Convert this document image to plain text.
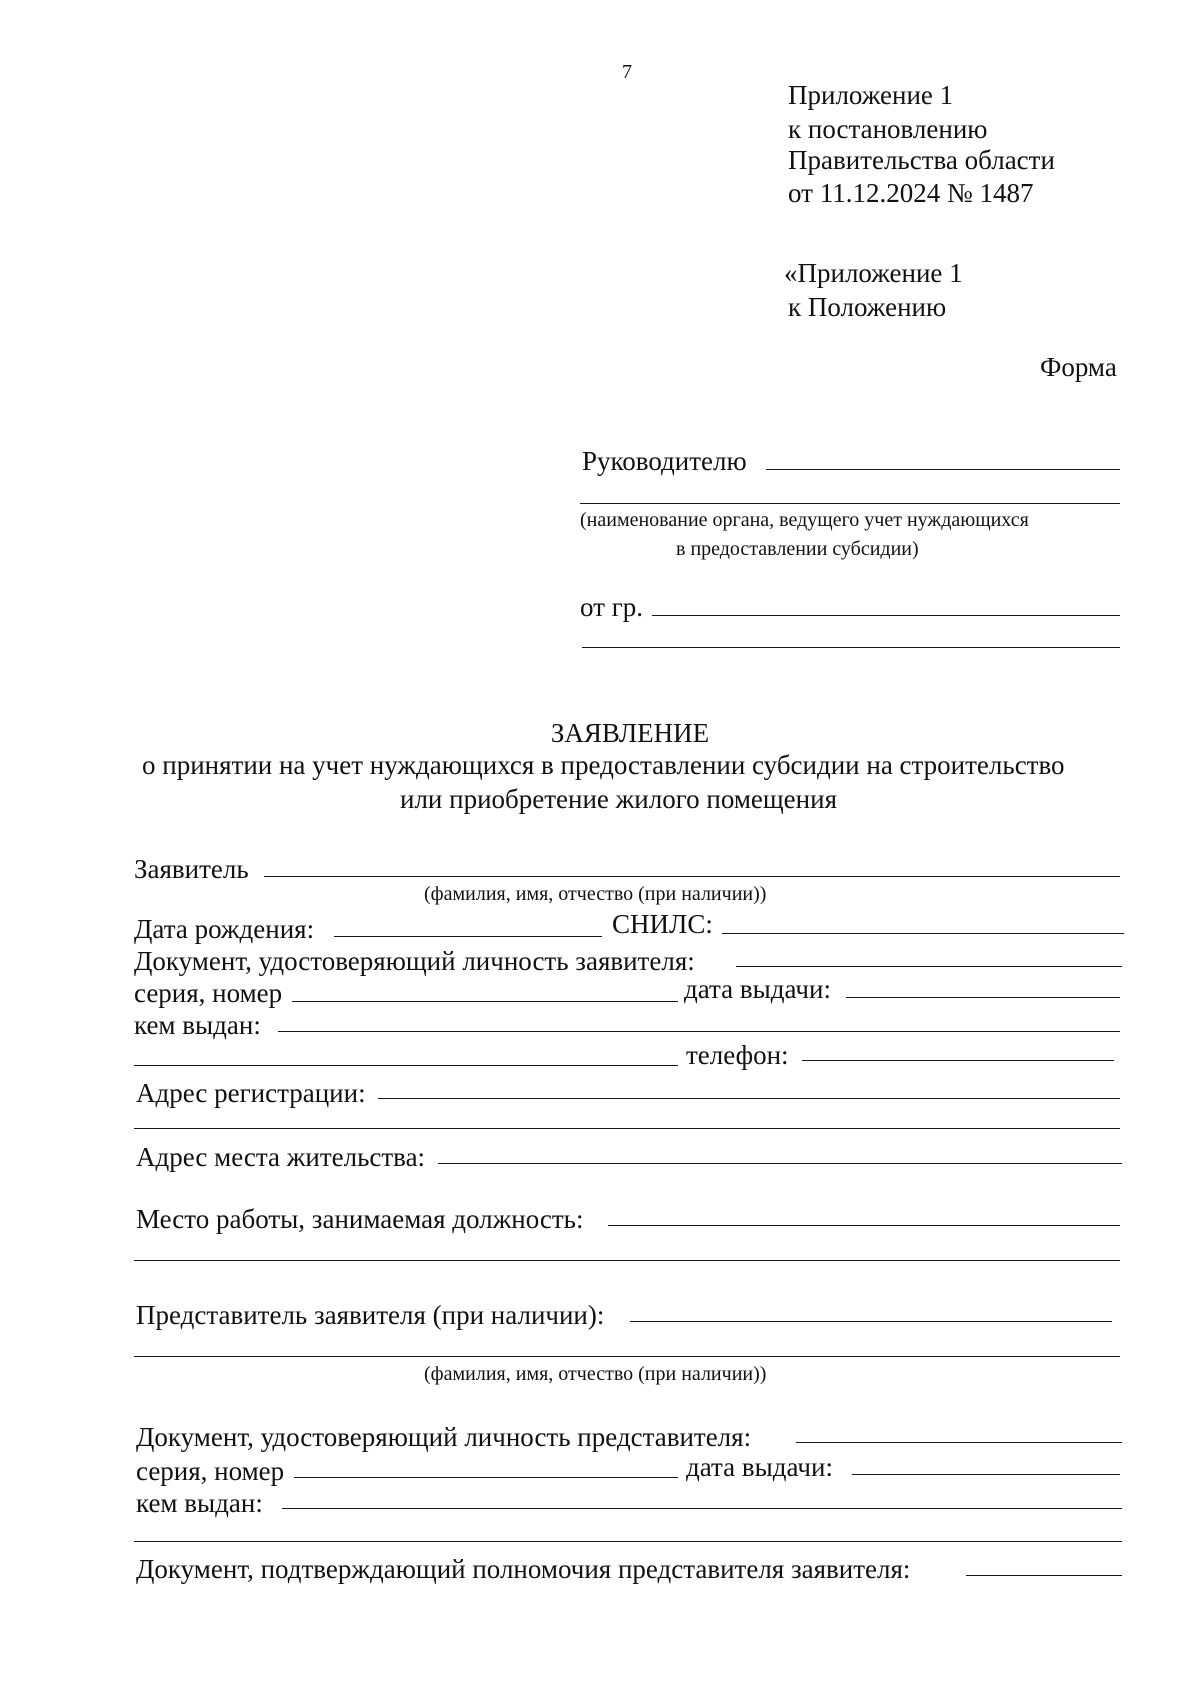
7
Приложение 1
к постановлению
Правительства области
от 11.12.2024 № 1487
«Приложение 1
к Положению
Форма
Руководителю
(наименование органа, ведущего учет нуждающихся
в предоставлении субсидии)
от гр.
ЗАЯВЛЕНИЕ
о принятии на учет нуждающихся в предоставлении субсидии на строительство
или приобретение жилого помещения
Заявитель
(фамилия, имя, отчество (при наличии))
Дата рождения:	СНИЛС:
Документ, удостоверяющий личность заявителя:
серия, номер	дата выдачи:
кем выдан:
телефон:
Адрес регистрации:
Адрес места жительства:
Место работы, занимаемая должность:
Представитель заявителя (при наличии):
(фамилия, имя, отчество (при наличии))
Документ, удостоверяющий личность представителя:
серия, номер	дата выдачи:
кем выдан:
Документ, подтверждающий полномочия представителя заявителя:
